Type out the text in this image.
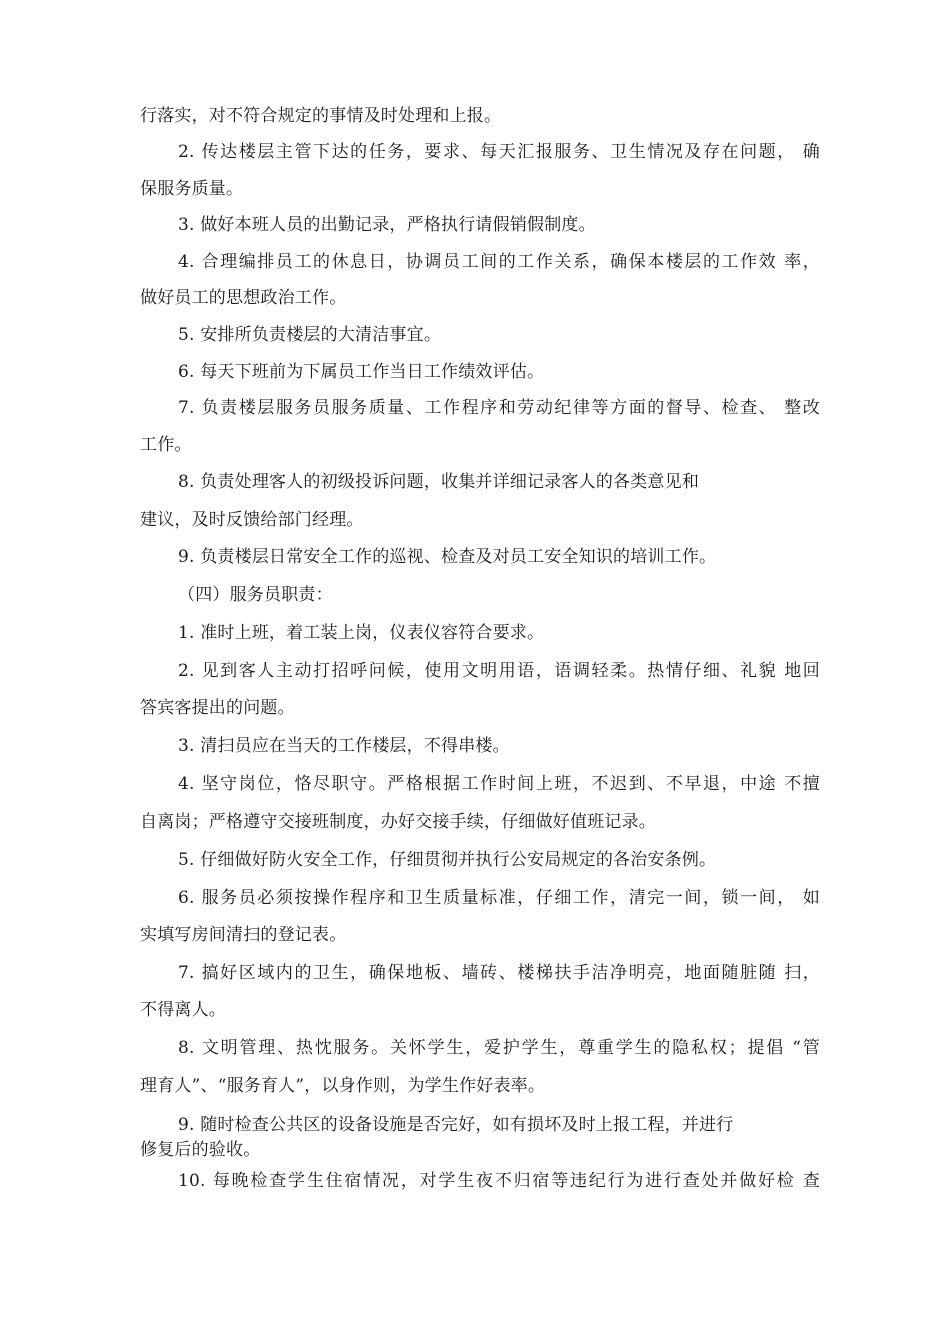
行落实，对不符合规定的事情及时处理和上报。
2. 传达楼层主管下达的任务，要求、每天汇报服务、卫生情况及存在问题， 确
保服务质量。
3. 做好本班人员的出勤记录，严格执行请假销假制度。
4. 合理编排员工的休息日，协调员工间的工作关系，确保本楼层的工作效 率，
做好员工的思想政治工作。
5. 安排所负责楼层的大清洁事宜。
6. 每天下班前为下属员工作当日工作绩效评估。
7. 负责楼层服务员服务质量、工作程序和劳动纪律等方面的督导、检查、 整改
工作。
8. 负责处理客人的初级投诉问题，收集并详细记录客人的各类意见和
建议，及时反馈给部门经理。
9. 负责楼层日常安全工作的巡视、检查及对员工安全知识的培训工作。
（四）服务员职责：
1. 准时上班，着工装上岗，仪表仪容符合要求。
2. 见到客人主动打招呼问候，使用文明用语，语调轻柔。热情仔细、礼貌 地回
答宾客提出的问题。
3. 清扫员应在当天的工作楼层，不得串楼。
4. 坚守岗位，恪尽职守。严格根据工作时间上班，不迟到、不早退，中途 不擅
自离岗；严格遵守交接班制度，办好交接手续，仔细做好值班记录。
5. 仔细做好防火安全工作，仔细贯彻并执行公安局规定的各治安条例。
6. 服务员必须按操作程序和卫生质量标准，仔细工作，清完一间，锁一间， 如
实填写房间清扫的登记表。
7. 搞好区域内的卫生，确保地板、墙砖、楼梯扶手洁净明亮，地面随脏随 扫，
不得离人。
8. 文明管理、热忱服务。关怀学生，爱护学生，尊重学生的隐私权；提倡 “管
理育人”、“服务育人”，以身作则，为学生作好表率。
9. 随时检查公共区的设备设施是否完好，如有损坏及时上报工程，并进行
修复后的验收。
10. 每晚检查学生住宿情况，对学生夜不归宿等违纪行为进行查处并做好检 查
